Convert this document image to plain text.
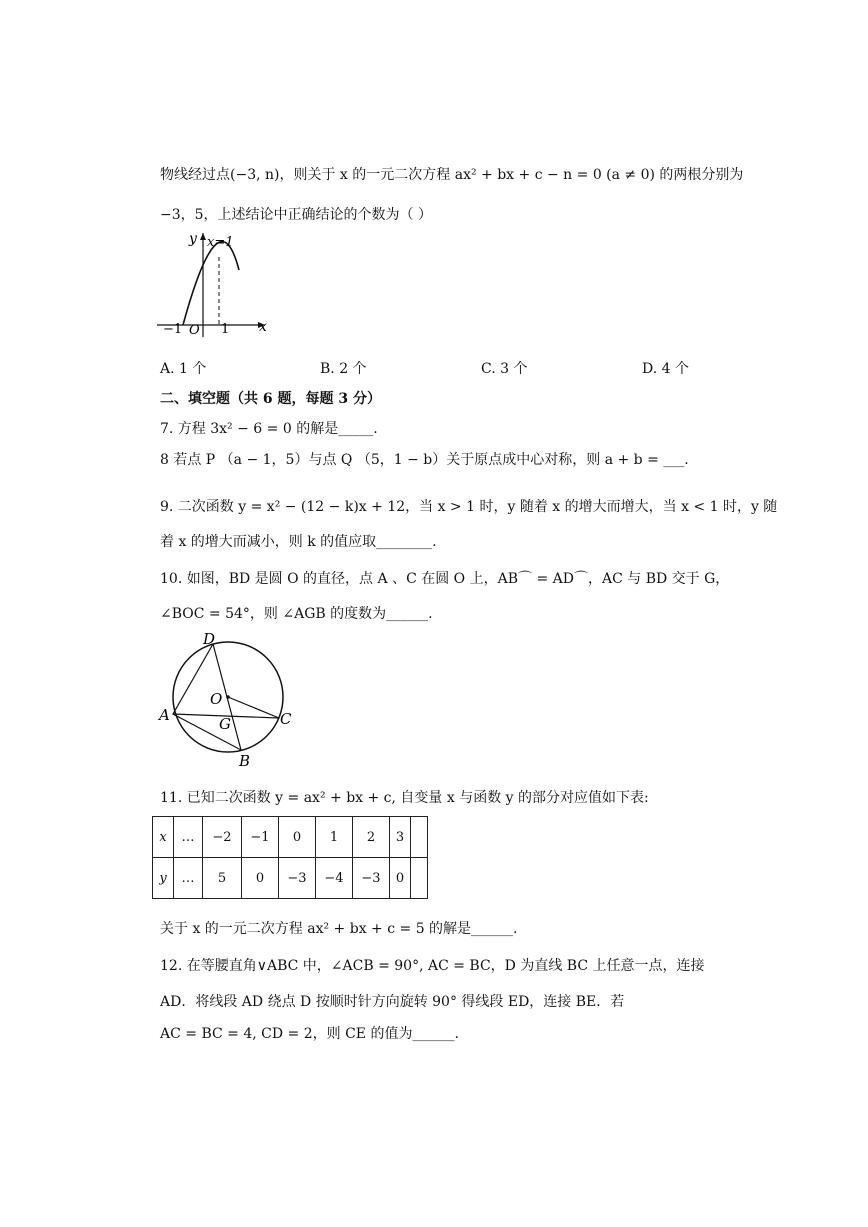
物线经过点(−3, n)，则关于 x 的一元二次方程 ax² + bx + c − n = 0 (a ≠ 0) 的两根分别为
−3，5，上述结论中正确结论的个数为（ ）
y x=1
x
−1 O 1
A. 1 个	B. 2 个	C. 3 个	D. 4 个
二、填空题（共 6 题，每题 3 分）
7. 方程 3x² − 6 = 0 的解是_____.
8 若点 P （a − 1，5）与点 Q （5，1 − b）关于原点成中心对称，则 a + b = ___.
9. 二次函数 y = x² − (12 − k)x + 12，当 x > 1 时，y 随着 x 的增大而增大，当 x < 1 时，y 随
着 x 的增大而减小，则 k 的值应取________.
10. 如图，BD 是圆 O 的直径，点 A 、C 在圆 O 上，AB⌒ = AD⌒，AC 与 BD 交于 G，
∠BOC = 54°，则 ∠AGB 的度数为______.
D
O
A	G	C
B
11. 已知二次函数 y = ax² + bx + c, 自变量 x 与函数 y 的部分对应值如下表:
x	…	−2	−1	0	1	2	3	
y	…	5	0	−3	−4	−3	0	
关于 x 的一元二次方程 ax² + bx + c = 5 的解是______.
12. 在等腰直角∨ABC 中，∠ACB = 90°, AC = BC，D 为直线 BC 上任意一点，连接
AD．将线段 AD 绕点 D 按顺时针方向旋转 90° 得线段 ED，连接 BE．若
AC = BC = 4, CD = 2，则 CE 的值为______.
